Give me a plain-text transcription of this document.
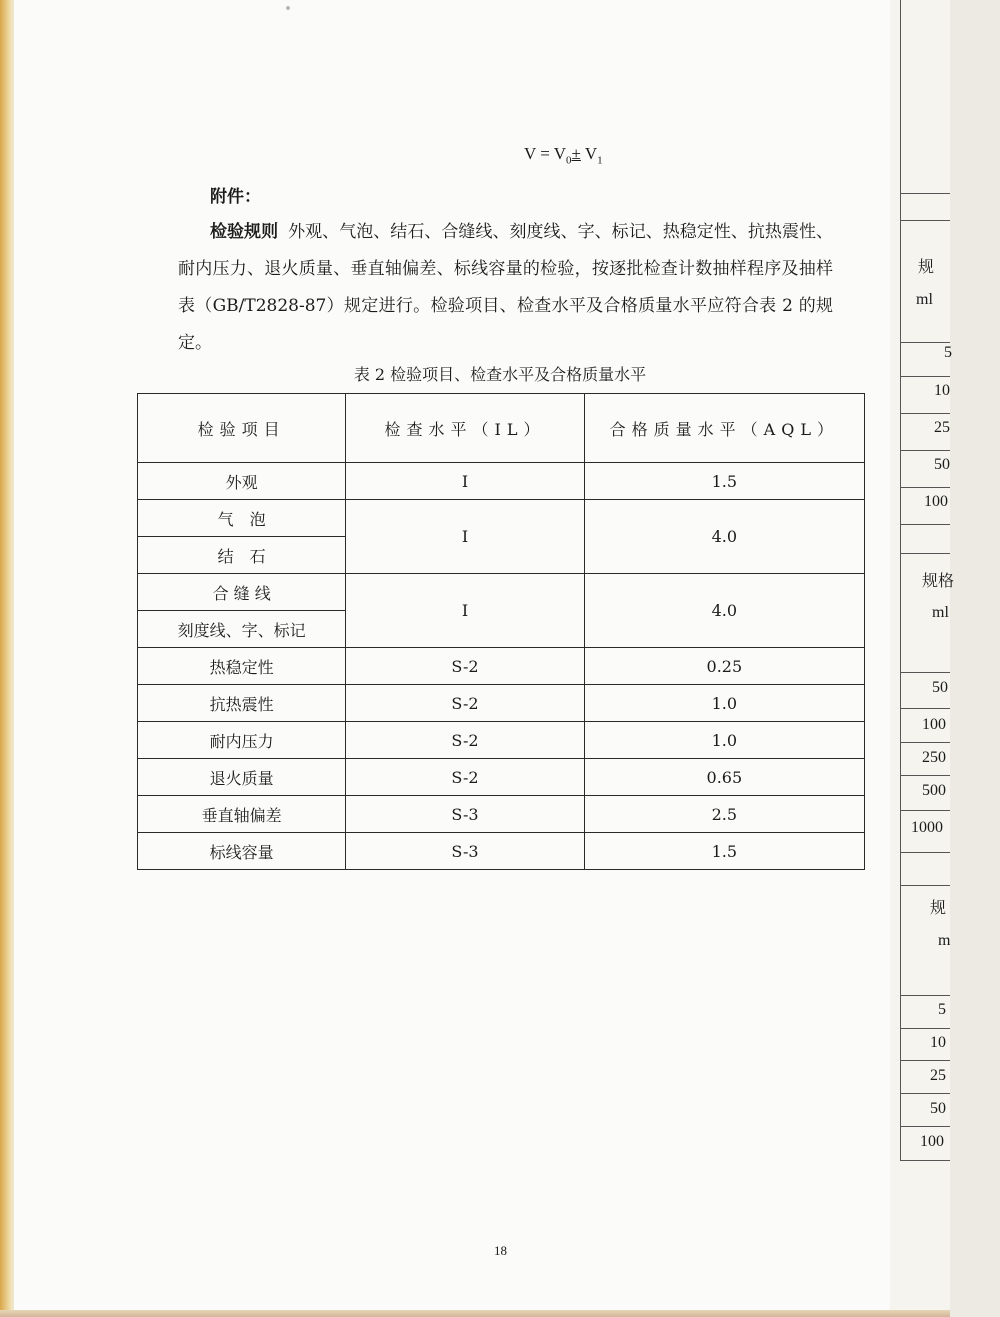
$V = V_0\pm V_1$
附件：
检验规则 外观、气泡、结石、合缝线、刻度线、字、标记、热稳定性、抗热震性、耐内压力、退火质量、垂直轴偏差、标线容量的检验，按逐批检查计数抽样程序及抽样表（GB/T2828-87）规定进行。检验项目、检查水平及合格质量水平应符合表 2 的规定。
表 2 检验项目、检查水平及合格质量水平
检验项目	检查水平（IL）	合格质量水平（AQL）
外观	I	1.5
气　泡	I	4.0
结　石		
合 缝 线	I	4.0
刻度线、字、标记		
热稳定性	S-2	0.25
抗热震性	S-2	1.0
耐内压力	S-2	1.0
退火质量	S-2	0.65
垂直轴偏差	S-3	2.5
标线容量	S-3	1.5
18
规
ml
5
10
25
50
100
规格
ml
50
100
250
500
1000
规
m
5
10
25
50
100
